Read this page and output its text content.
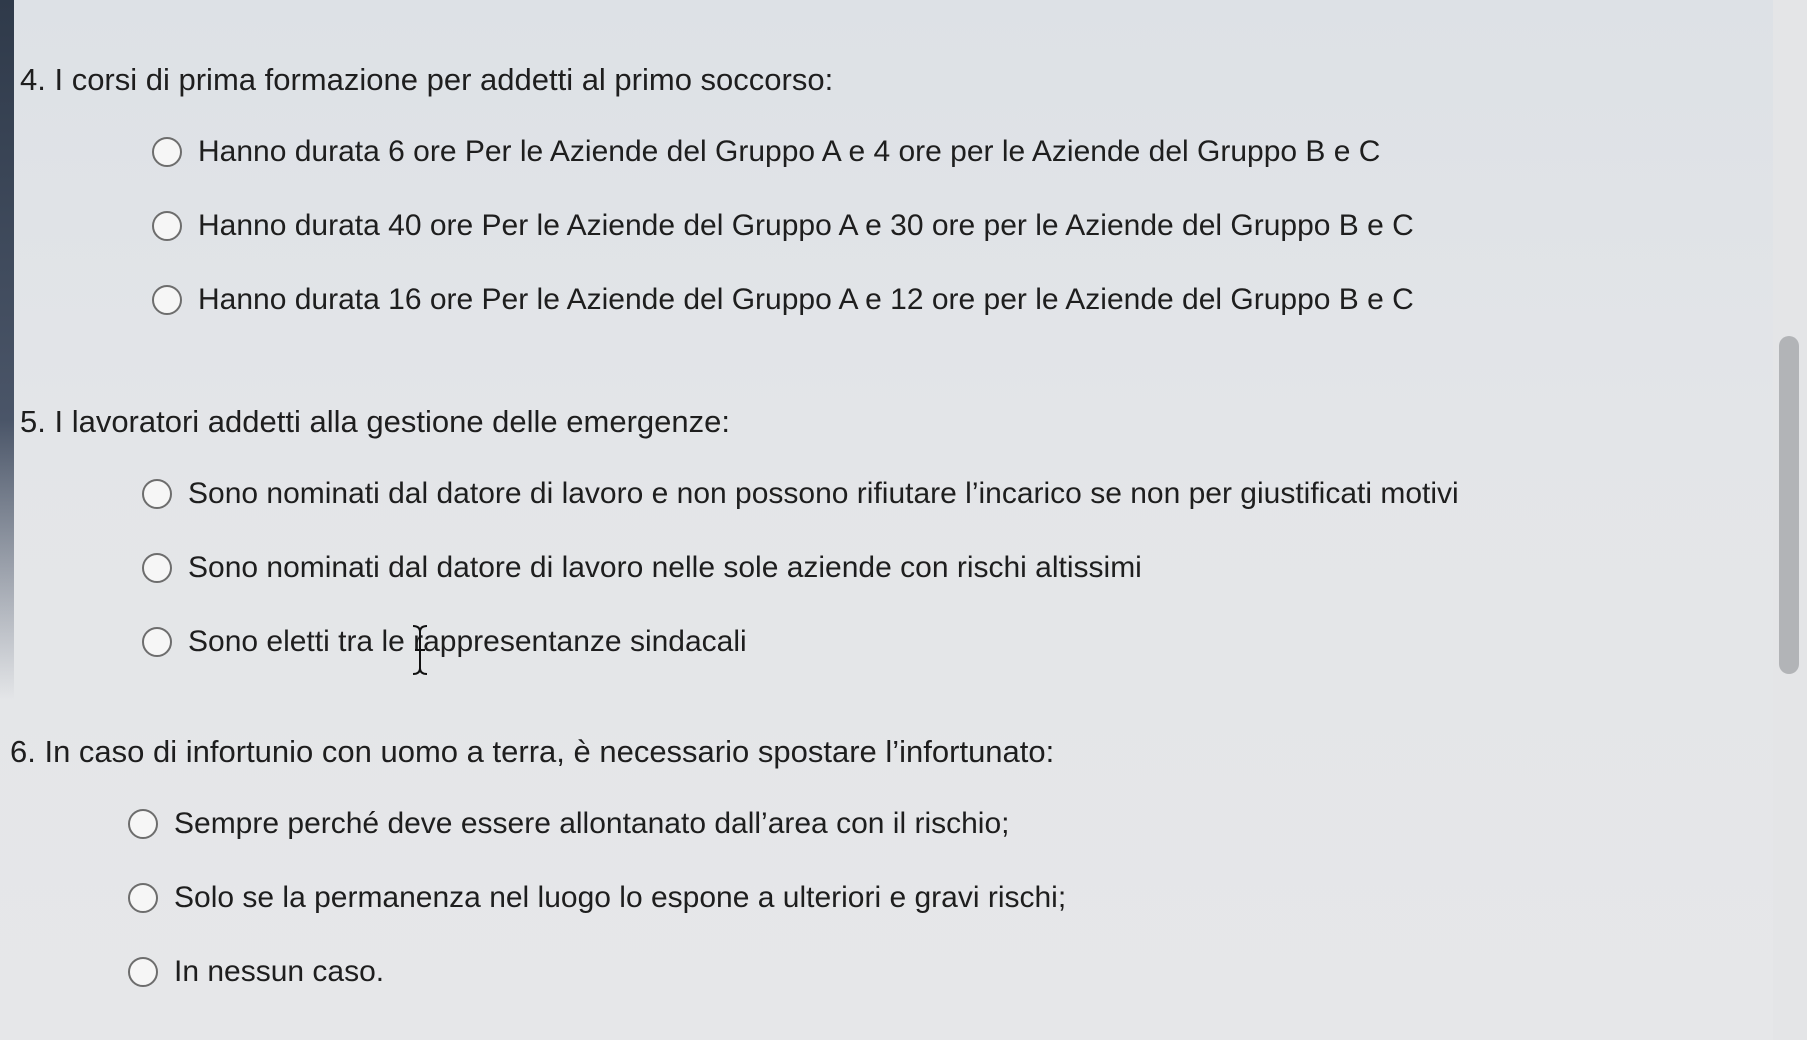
4. I corsi di prima formazione per addetti al primo soccorso:
Hanno durata 6 ore Per le Aziende del Gruppo A e 4 ore per le Aziende del Gruppo B e C
Hanno durata 40 ore Per le Aziende del Gruppo A e 30 ore per le Aziende del Gruppo B e C
Hanno durata 16 ore Per le Aziende del Gruppo A e 12 ore per le Aziende del Gruppo B e C
5. I lavoratori addetti alla gestione delle emergenze:
Sono nominati dal datore di lavoro e non possono rifiutare l’incarico se non per giustificati motivi
Sono nominati dal datore di lavoro nelle sole aziende con rischi altissimi
Sono eletti tra le rappresentanze sindacali
6. In caso di infortunio con uomo a terra, è necessario spostare l’infortunato:
Sempre perché deve essere allontanato dall’area con il rischio;
Solo se la permanenza nel luogo lo espone a ulteriori e gravi rischi;
In nessun caso.
